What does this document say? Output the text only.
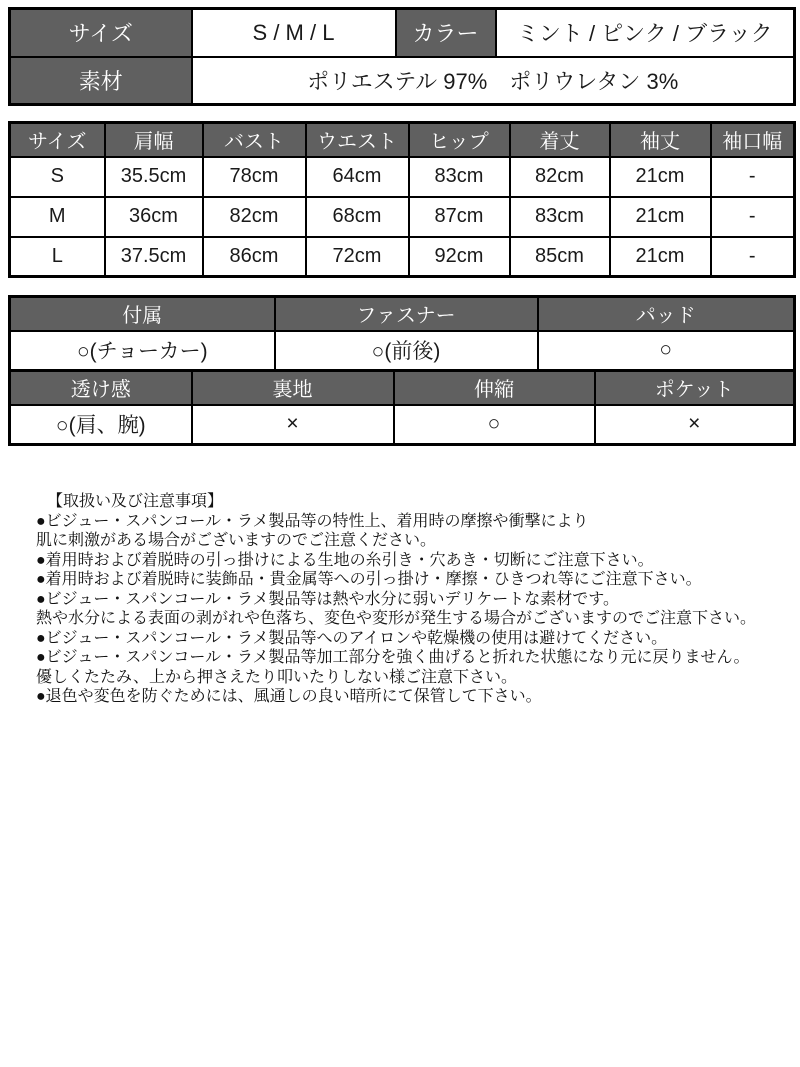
サイズ	S / M / L	カラー	ミント / ピンク / ブラック
素材	ポリエステル 97%　ポリウレタン 3%		
サイズ	肩幅	バスト	ウエスト	ヒップ	着丈	袖丈	袖口幅
S	35.5cm	78cm	64cm	83cm	82cm	21cm	-
M	36cm	82cm	68cm	87cm	83cm	21cm	-
L	37.5cm	86cm	72cm	92cm	85cm	21cm	-
付属	ファスナー	パッド
○(チョーカー)	○(前後)	○
透け感	裏地	伸縮	ポケット
○(肩、腕)	×	○	×
【取扱い及び注意事項】
●ビジュー・スパンコール・ラメ製品等の特性上、着用時の摩擦や衝撃により
肌に刺激がある場合がございますのでご注意ください。
●着用時および着脱時の引っ掛けによる生地の糸引き・穴あき・切断にご注意下さい。
●着用時および着脱時に装飾品・貴金属等への引っ掛け・摩擦・ひきつれ等にご注意下さい。
●ビジュー・スパンコール・ラメ製品等は熱や水分に弱いデリケートな素材です。
熱や水分による表面の剥がれや色落ち、変色や変形が発生する場合がございますのでご注意下さい。
●ビジュー・スパンコール・ラメ製品等へのアイロンや乾燥機の使用は避けてください。
●ビジュー・スパンコール・ラメ製品等加工部分を強く曲げると折れた状態になり元に戻りません。
優しくたたみ、上から押さえたり叩いたりしない様ご注意下さい。
●退色や変色を防ぐためには、風通しの良い暗所にて保管して下さい。
